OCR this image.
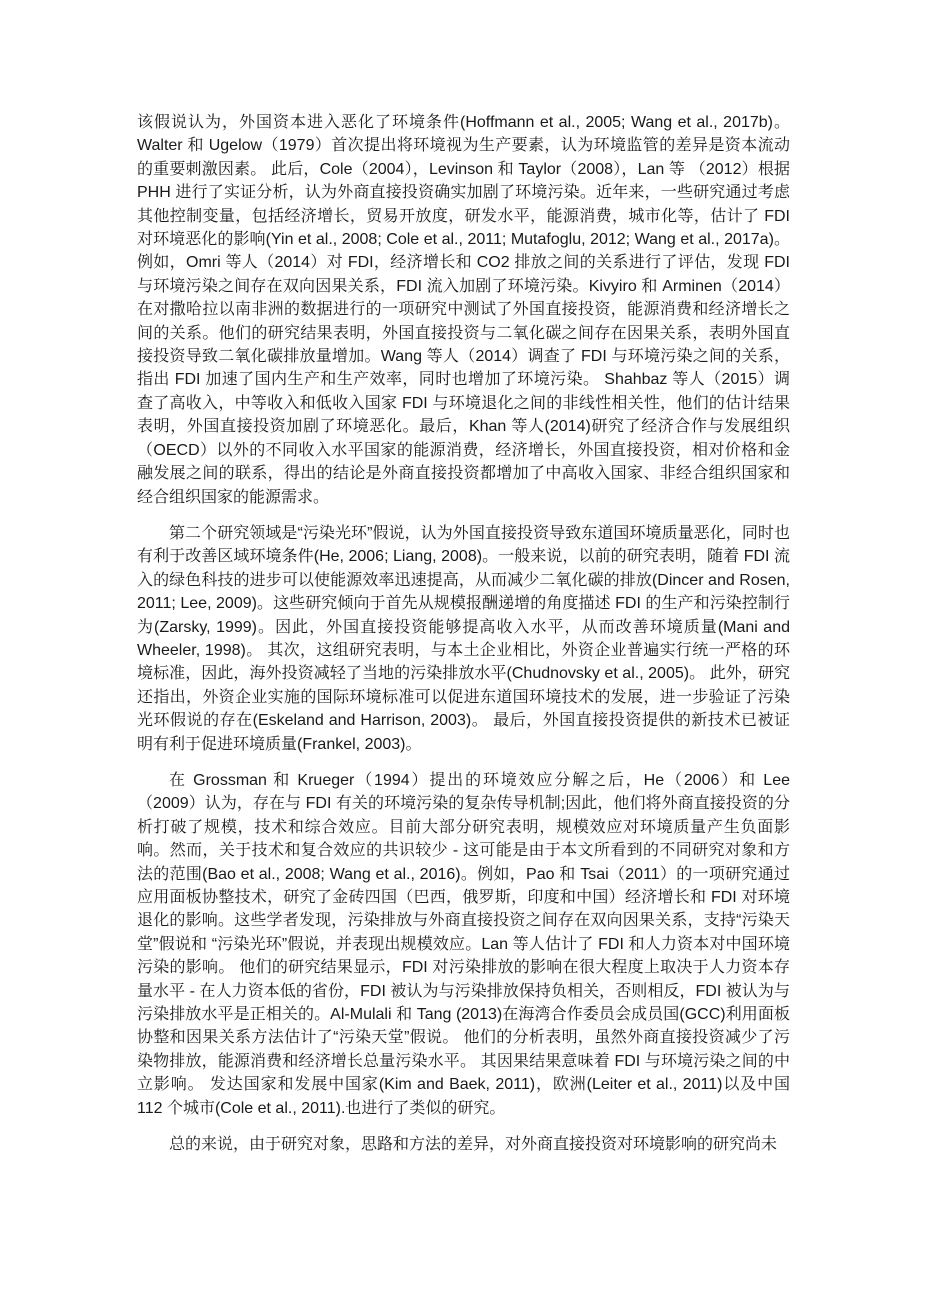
该假说认为，外国资本进入恶化了环境条件(Hoffmann et al., 2005; Wang et al., 2017b)。Walter 和 Ugelow（1979）首次提出将环境视为生产要素，认为环境监管的差异是资本流动的重要刺激因素。 此后，Cole（2004），Levinson 和 Taylor（2008），Lan 等 （2012）根据 PHH 进行了实证分析，认为外商直接投资确实加剧了环境污染。近年来，一些研究通过考虑其他控制变量，包括经济增长，贸易开放度，研发水平，能源消费，城市化等，估计了 FDI 对环境恶化的影响(Yin et al., 2008; Cole et al., 2011; Mutafoglu, 2012; Wang et al., 2017a)。例如，Omri 等人（2014）对 FDI，经济增长和 CO2 排放之间的关系进行了评估，发现 FDI 与环境污染之间存在双向因果关系，FDI 流入加剧了环境污染。Kivyiro 和 Arminen（2014）在对撒哈拉以南非洲的数据进行的一项研究中测试了外国直接投资，能源消费和经济增长之间的关系。他们的研究结果表明，外国直接投资与二氧化碳之间存在因果关系，表明外国直接投资导致二氧化碳排放量增加。Wang 等人（2014）调查了 FDI 与环境污染之间的关系，指出 FDI 加速了国内生产和生产效率，同时也增加了环境污染。 Shahbaz 等人（2015）调查了高收入，中等收入和低收入国家 FDI 与环境退化之间的非线性相关性，他们的估计结果表明，外国直接投资加剧了环境恶化。最后，Khan 等人(2014)研究了经济合作与发展组织（OECD）以外的不同收入水平国家的能源消费，经济增长，外国直接投资，相对价格和金融发展之间的联系，得出的结论是外商直接投资都增加了中高收入国家、非经合组织国家和经合组织国家的能源需求。

第二个研究领域是“污染光环”假说，认为外国直接投资导致东道国环境质量恶化，同时也有利于改善区域环境条件(He, 2006; Liang, 2008)。一般来说，以前的研究表明，随着 FDI 流入的绿色科技的进步可以使能源效率迅速提高，从而减少二氧化碳的排放(Dincer and Rosen, 2011; Lee, 2009)。这些研究倾向于首先从规模报酬递增的角度描述 FDI 的生产和污染控制行为(Zarsky, 1999)。因此，外国直接投资能够提高收入水平，从而改善环境质量(Mani and Wheeler, 1998)。 其次，这组研究表明，与本土企业相比，外资企业普遍实行统一严格的环境标准，因此，海外投资减轻了当地的污染排放水平(Chudnovsky et al., 2005)。 此外，研究还指出，外资企业实施的国际环境标准可以促进东道国环境技术的发展，进一步验证了污染光环假说的存在(Eskeland and Harrison, 2003)。 最后，外国直接投资提供的新技术已被证明有利于促进环境质量(Frankel, 2003)。

在 Grossman 和 Krueger（1994）提出的环境效应分解之后，He（2006）和 Lee（2009）认为，存在与 FDI 有关的环境污染的复杂传导机制;因此，他们将外商直接投资的分析打破了规模，技术和综合效应。目前大部分研究表明，规模效应对环境质量产生负面影响。然而，关于技术和复合效应的共识较少 - 这可能是由于本文所看到的不同研究对象和方法的范围(Bao et al., 2008; Wang et al., 2016)。例如，Pao 和 Tsai（2011）的一项研究通过应用面板协整技术，研究了金砖四国（巴西，俄罗斯，印度和中国）经济增长和 FDI 对环境退化的影响。这些学者发现，污染排放与外商直接投资之间存在双向因果关系，支持“污染天堂”假说和 “污染光环”假说，并表现出规模效应。Lan 等人估计了 FDI 和人力资本对中国环境污染的影响。 他们的研究结果显示，FDI 对污染排放的影响在很大程度上取决于人力资本存量水平 - 在人力资本低的省份，FDI 被认为与污染排放保持负相关，否则相反，FDI 被认为与污染排放水平是正相关的。Al-Mulali 和 Tang (2013)在海湾合作委员会成员国(GCC)利用面板协整和因果关系方法估计了“污染天堂”假说。 他们的分析表明，虽然外商直接投资减少了污染物排放，能源消费和经济增长总量污染水平。 其因果结果意味着 FDI 与环境污染之间的中立影响。 发达国家和发展中国家(Kim and Baek, 2011)，欧洲(Leiter et al., 2011)以及中国 112 个城市(Cole et al., 2011).也进行了类似的研究。

总的来说，由于研究对象，思路和方法的差异，对外商直接投资对环境影响的研究尚未
